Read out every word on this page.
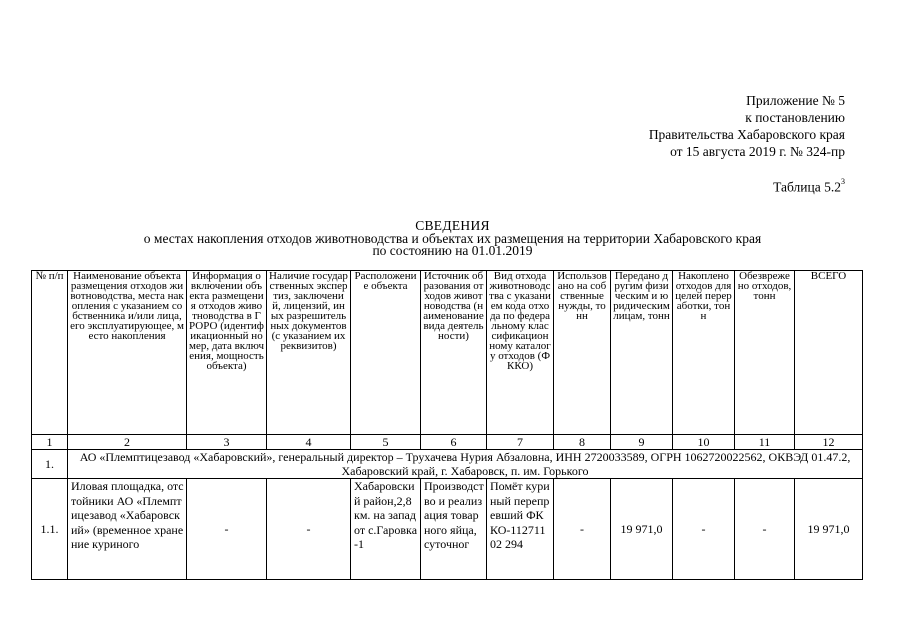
Приложение № 5
к постановлению
Правительства Хабаровского края
от 15 августа 2019 г. № 324-пр
Таблица $5.2^3$
СВЕДЕНИЯ
о местах накопления отходов животноводства и объектах их размещения на территории Хабаровского края
по состоянию на 01.01.2019
№ п/п	Наименование объекта размещения отходов животноводства, места накопления с указанием собственника и/или лица, его эксплуатирующее, место накопления	Информация о включении объекта размещения отходов животноводства в ГРОРО (идентификационный номер, дата включения, мощность объекта)	Наличие государственных экспертиз, заключений, лицензий, иных разрешительных документов (с указанием их реквизитов)	Расположение объекта	Источник образования отходов животноводства (наименование вида деятельности)	Вид отхода животноводства с указанием кода отхода по федеральному классификационному каталогу отходов (ФККО)	Использовано на собственные нужды, тонн	Передано другим физическим и юридическим лицам, тонн	Накоплено отходов для целей переработки, тонн	Обезврежено отходов, тонн	ВСЕГО
1	2	3	4	5	6	7	8	9	10	11	12
1.	АО «Племптицезавод «Хабаровский», генеральный директор – Трухачева Нурия Абзаловна, ИНН 2720033589, ОГРН 1062720022562, ОКВЭД 01.47.2, Хабаровский край, г. Хабаровск, п. им. Горького										
1.1.	Иловая площадка, отстойники АО «Племптицезавод «Хабаровский» (временное хранение куриного	-	-	Хабаровский район,2,8 км. на запад от с.Гаровка-1	Производство и реализация товарного яйца, суточног	Помёт куриный перепревший ФККО-11271102 294	-	19 971,0	-	-	19 971,0
